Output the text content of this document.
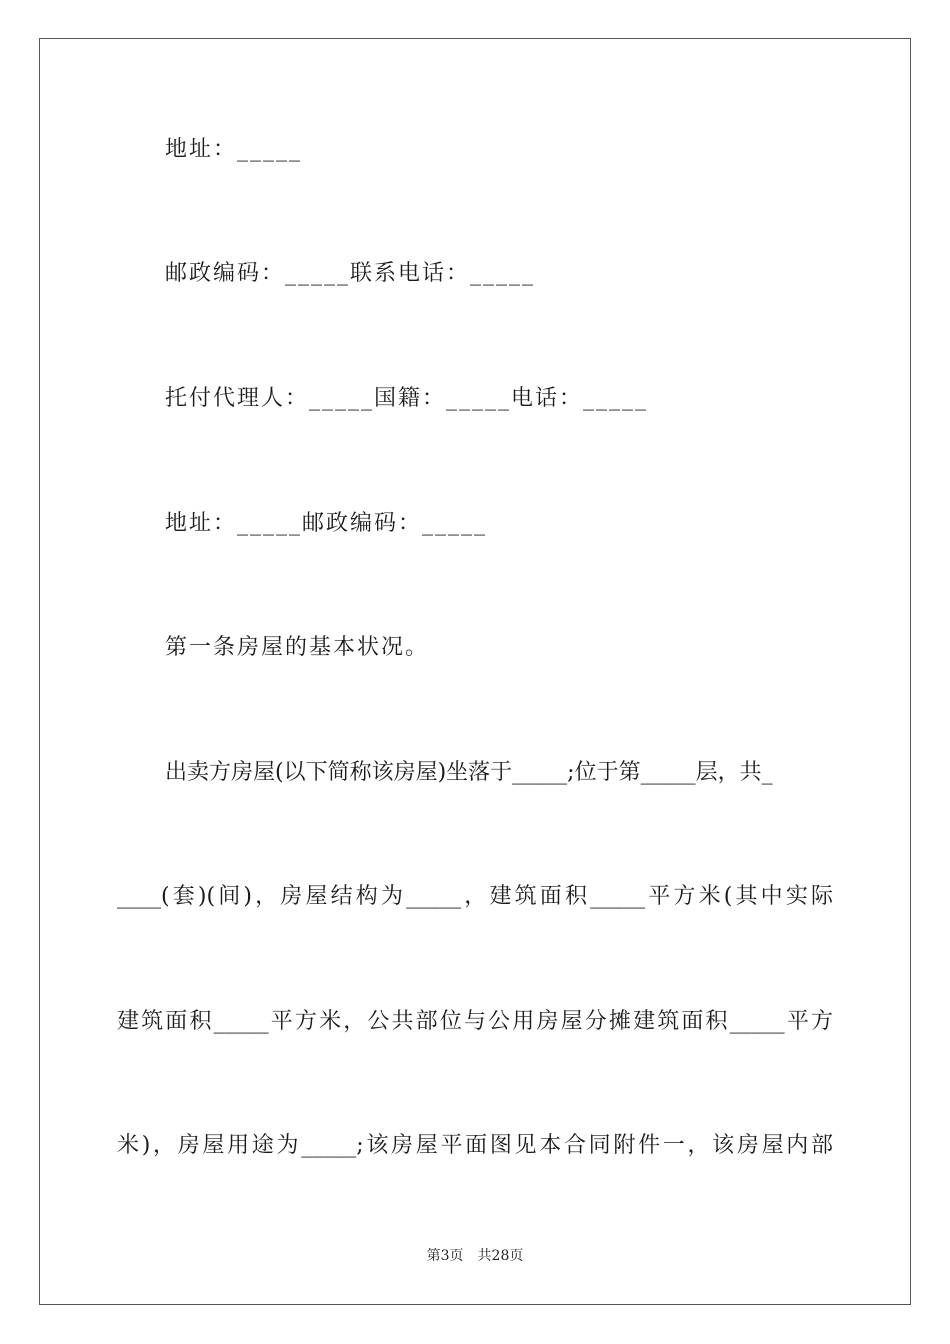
地址：_____
邮政编码：_____联系电话：_____
托付代理人：_____国籍：_____电话：_____
地址：_____邮政编码：_____
第一条房屋的基本状况。
出卖方房屋(以下简称该房屋)坐落于_____;位于第_____层，共_
____(套)(间)，房屋结构为_____，建筑面积_____平方米(其中实际
建筑面积_____平方米，公共部位与公用房屋分摊建筑面积_____平方
米)，房屋用途为_____;该房屋平面图见本合同附件一，该房屋内部
第3页　共28页
